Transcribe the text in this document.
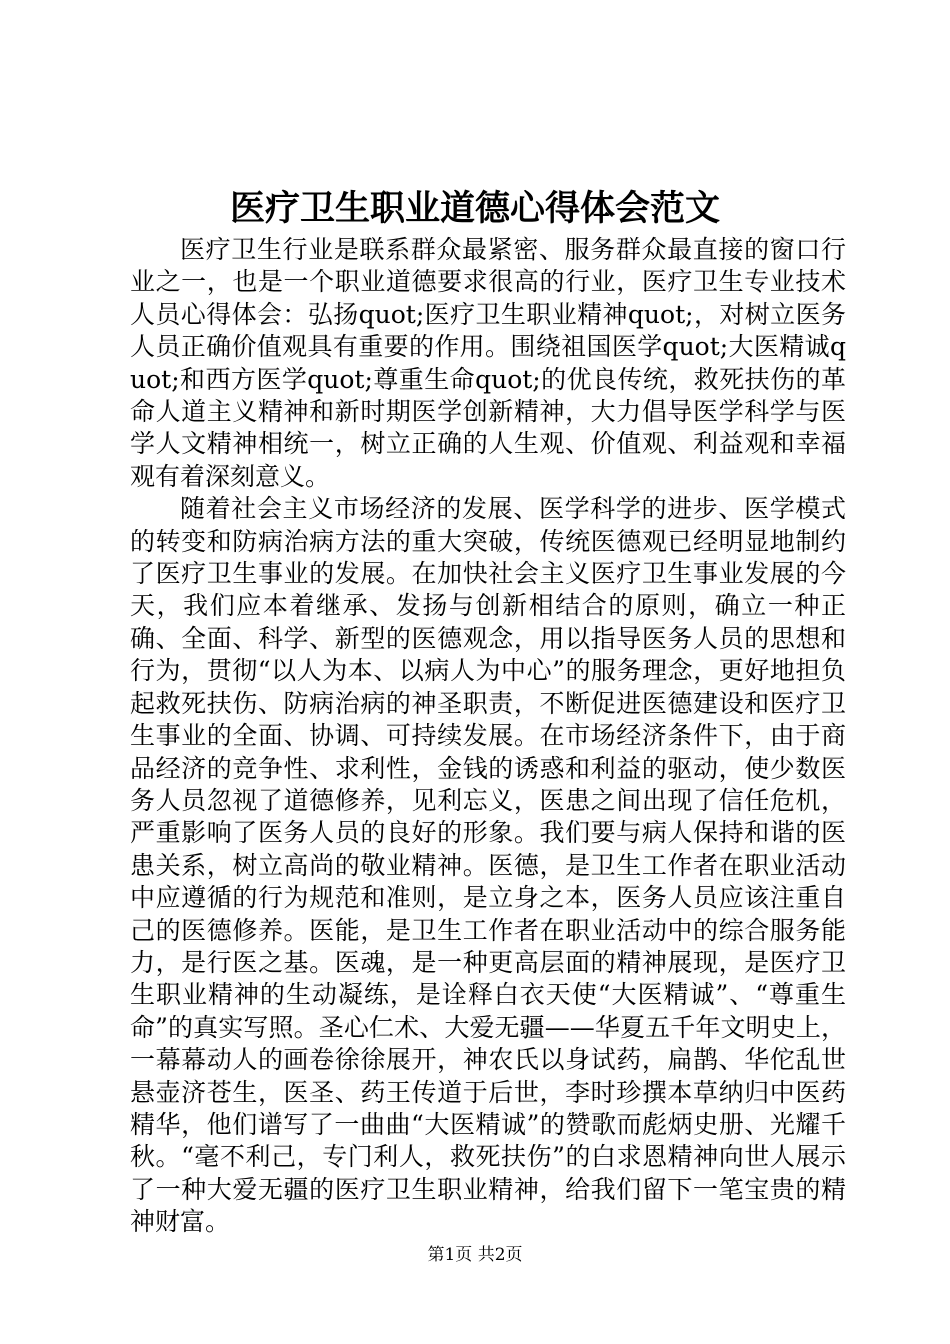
医疗卫生职业道德心得体会范文

医疗卫生行业是联系群众最紧密、服务群众最直接的窗口行业之一，也是一个职业道德要求很高的行业，医疗卫生专业技术人员心得体会：弘扬quot;医疗卫生职业精神quot;，对树立医务人员正确价值观具有重要的作用。围绕祖国医学quot;大医精诚quot;和西方医学quot;尊重生命quot;的优良传统，救死扶伤的革命人道主义精神和新时期医学创新精神，大力倡导医学科学与医学人文精神相统一，树立正确的人生观、价值观、利益观和幸福观有着深刻意义。

随着社会主义市场经济的发展、医学科学的进步、医学模式的转变和防病治病方法的重大突破，传统医德观已经明显地制约了医疗卫生事业的发展。在加快社会主义医疗卫生事业发展的今天，我们应本着继承、发扬与创新相结合的原则，确立一种正确、全面、科学、新型的医德观念，用以指导医务人员的思想和行为，贯彻“以人为本、以病人为中心”的服务理念，更好地担负起救死扶伤、防病治病的神圣职责，不断促进医德建设和医疗卫生事业的全面、协调、可持续发展。在市场经济条件下，由于商品经济的竞争性、求利性，金钱的诱惑和利益的驱动，使少数医务人员忽视了道德修养，见利忘义，医患之间出现了信任危机，严重影响了医务人员的良好的形象。我们要与病人保持和谐的医患关系，树立高尚的敬业精神。医德，是卫生工作者在职业活动中应遵循的行为规范和准则，是立身之本，医务人员应该注重自己的医德修养。医能，是卫生工作者在职业活动中的综合服务能力，是行医之基。医魂，是一种更高层面的精神展现，是医疗卫生职业精神的生动凝练，是诠释白衣天使“大医精诚”、“尊重生命”的真实写照。圣心仁术、大爱无疆——华夏五千年文明史上，一幕幕动人的画卷徐徐展开，神农氏以身试药，扁鹊、华佗乱世悬壶济苍生，医圣、药王传道于后世，李时珍撰本草纳归中医药精华，他们谱写了一曲曲“大医精诚”的赞歌而彪炳史册、光耀千秋。“毫不利己，专门利人，救死扶伤”的白求恩精神向世人展示了一种大爱无疆的医疗卫生职业精神，给我们留下一笔宝贵的精神财富。

第1页 共2页
